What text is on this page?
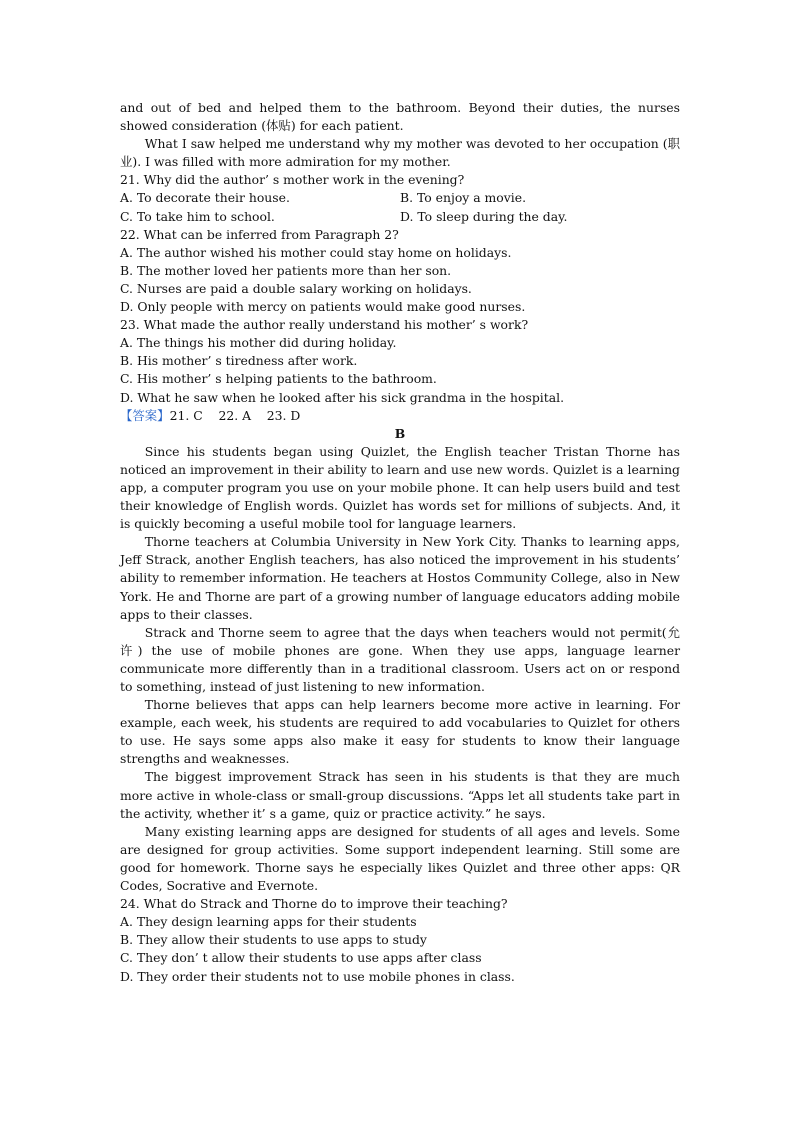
and out of bed and helped them to the bathroom. Beyond their duties, the nurses showed consideration (体贴) for each patient.

What I saw helped me understand why my mother was devoted to her occupation (职业). I was filled with more admiration for my mother.

21. Why did the author’ s mother work in the evening?

A. To decorate their house.	B. To enjoy a movie.
C. To take him to school.	D. To sleep during the day.

22. What can be inferred from Paragraph 2?

A. The author wished his mother could stay home on holidays.

B. The mother loved her patients more than her son.

C. Nurses are paid a double salary working on holidays.

D. Only people with mercy on patients would make good nurses.

23. What made the author really understand his mother’ s work?

A. The things his mother did during holiday.

B. His mother’ s tiredness after work.

C. His mother’ s helping patients to the bathroom.

D. What he saw when he looked after his sick grandma in the hospital.

【答案】21. C    22. A    23. D

B

Since his students began using Quizlet, the English teacher Tristan Thorne has noticed an improvement in their ability to learn and use new words. Quizlet is a learning app, a computer program you use on your mobile phone. It can help users build and test their knowledge of English words. Quizlet has words set for millions of subjects. And, it is quickly becoming a useful mobile tool for language learners.

Thorne teachers at Columbia University in New York City. Thanks to learning apps, Jeff Strack, another English teachers, has also noticed the improvement in his students’ ability to remember information. He teachers at Hostos Community College, also in New York. He and Thorne are part of a growing number of language educators adding mobile apps to their classes.

Strack and Thorne seem to agree that the days when teachers would not permit(允许) the use of mobile phones are gone. When they use apps, language learner communicate more differently than in a traditional classroom. Users act on or respond to something, instead of just listening to new information.

Thorne believes that apps can help learners become more active in learning. For example, each week, his students are required to add vocabularies to Quizlet for others to use. He says some apps also make it easy for students to know their language strengths and weaknesses.

The biggest improvement Strack has seen in his students is that they are much more active in whole-class or small-group discussions. “Apps let all students take part in the activity, whether it’ s a game, quiz or practice activity.” he says.

Many existing learning apps are designed for students of all ages and levels. Some are designed for group activities. Some support independent learning. Still some are good for homework. Thorne says he especially likes Quizlet and three other apps: QR Codes, Socrative and Evernote.

24. What do Strack and Thorne do to improve their teaching?

A. They design learning apps for their students

B. They allow their students to use apps to study

C. They don’ t allow their students to use apps after class

D. They order their students not to use mobile phones in class.
